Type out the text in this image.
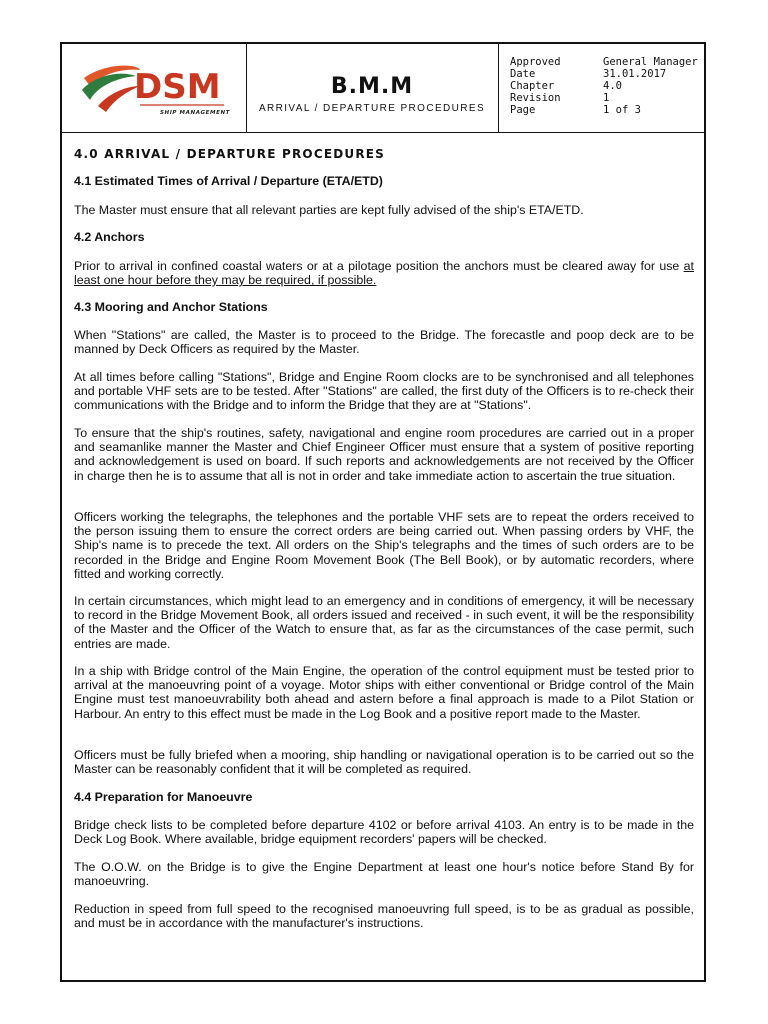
DSM
SHIP MANAGEMENT
B.M.M
ARRIVAL / DEPARTURE PROCEDURES
Approved	General Manager
Date	31.01.2017
Chapter	4.0
Revision	1
Page	1 of 3
4.0 ARRIVAL / DEPARTURE PROCEDURES
4.1 Estimated Times of Arrival / Departure (ETA/ETD)

The Master must ensure that all relevant parties are kept fully advised of the ship's ETA/ETD.

4.2 Anchors

Prior to arrival in confined coastal waters or at a pilotage position the anchors must be cleared away for use at least one hour before they may be required, if possible.

4.3 Mooring and Anchor Stations

When "Stations" are called, the Master is to proceed to the Bridge. The forecastle and poop deck are to be manned by Deck Officers as required by the Master.

At all times before calling "Stations", Bridge and Engine Room clocks are to be synchronised and all telephones and portable VHF sets are to be tested. After "Stations" are called, the first duty of the Officers is to re-check their communications with the Bridge and to inform the Bridge that they are at "Stations".

To ensure that the ship's routines, safety, navigational and engine room procedures are carried out in a proper and seamanlike manner the Master and Chief Engineer Officer must ensure that a system of positive reporting and acknowledgement is used on board. If such reports and acknowledgements are not received by the Officer in charge then he is to assume that all is not in order and take immediate action to ascertain the true situation.

Officers working the telegraphs, the telephones and the portable VHF sets are to repeat the orders received to the person issuing them to ensure the correct orders are being carried out. When passing orders by VHF, the Ship's name is to precede the text. All orders on the Ship's telegraphs and the times of such orders are to be recorded in the Bridge and Engine Room Movement Book (The Bell Book), or by automatic recorders, where fitted and working correctly.

In certain circumstances, which might lead to an emergency and in conditions of emergency, it will be necessary to record in the Bridge Movement Book, all orders issued and received - in such event, it will be the responsibility of the Master and the Officer of the Watch to ensure that, as far as the circumstances of the case permit, such entries are made.

In a ship with Bridge control of the Main Engine, the operation of the control equipment must be tested prior to arrival at the manoeuvring point of a voyage. Motor ships with either conventional or Bridge control of the Main Engine must test manoeuvrability both ahead and astern before a final approach is made to a Pilot Station or Harbour. An entry to this effect must be made in the Log Book and a positive report made to the Master.

Officers must be fully briefed when a mooring, ship handling or navigational operation is to be carried out so the Master can be reasonably confident that it will be completed as required.

4.4 Preparation for Manoeuvre

Bridge check lists to be completed before departure 4102 or before arrival 4103. An entry is to be made in the Deck Log Book. Where available, bridge equipment recorders' papers will be checked.

The O.O.W. on the Bridge is to give the Engine Department at least one hour's notice before Stand By for manoeuvring.

Reduction in speed from full speed to the recognised manoeuvring full speed, is to be as gradual as possible, and must be in accordance with the manufacturer's instructions.
